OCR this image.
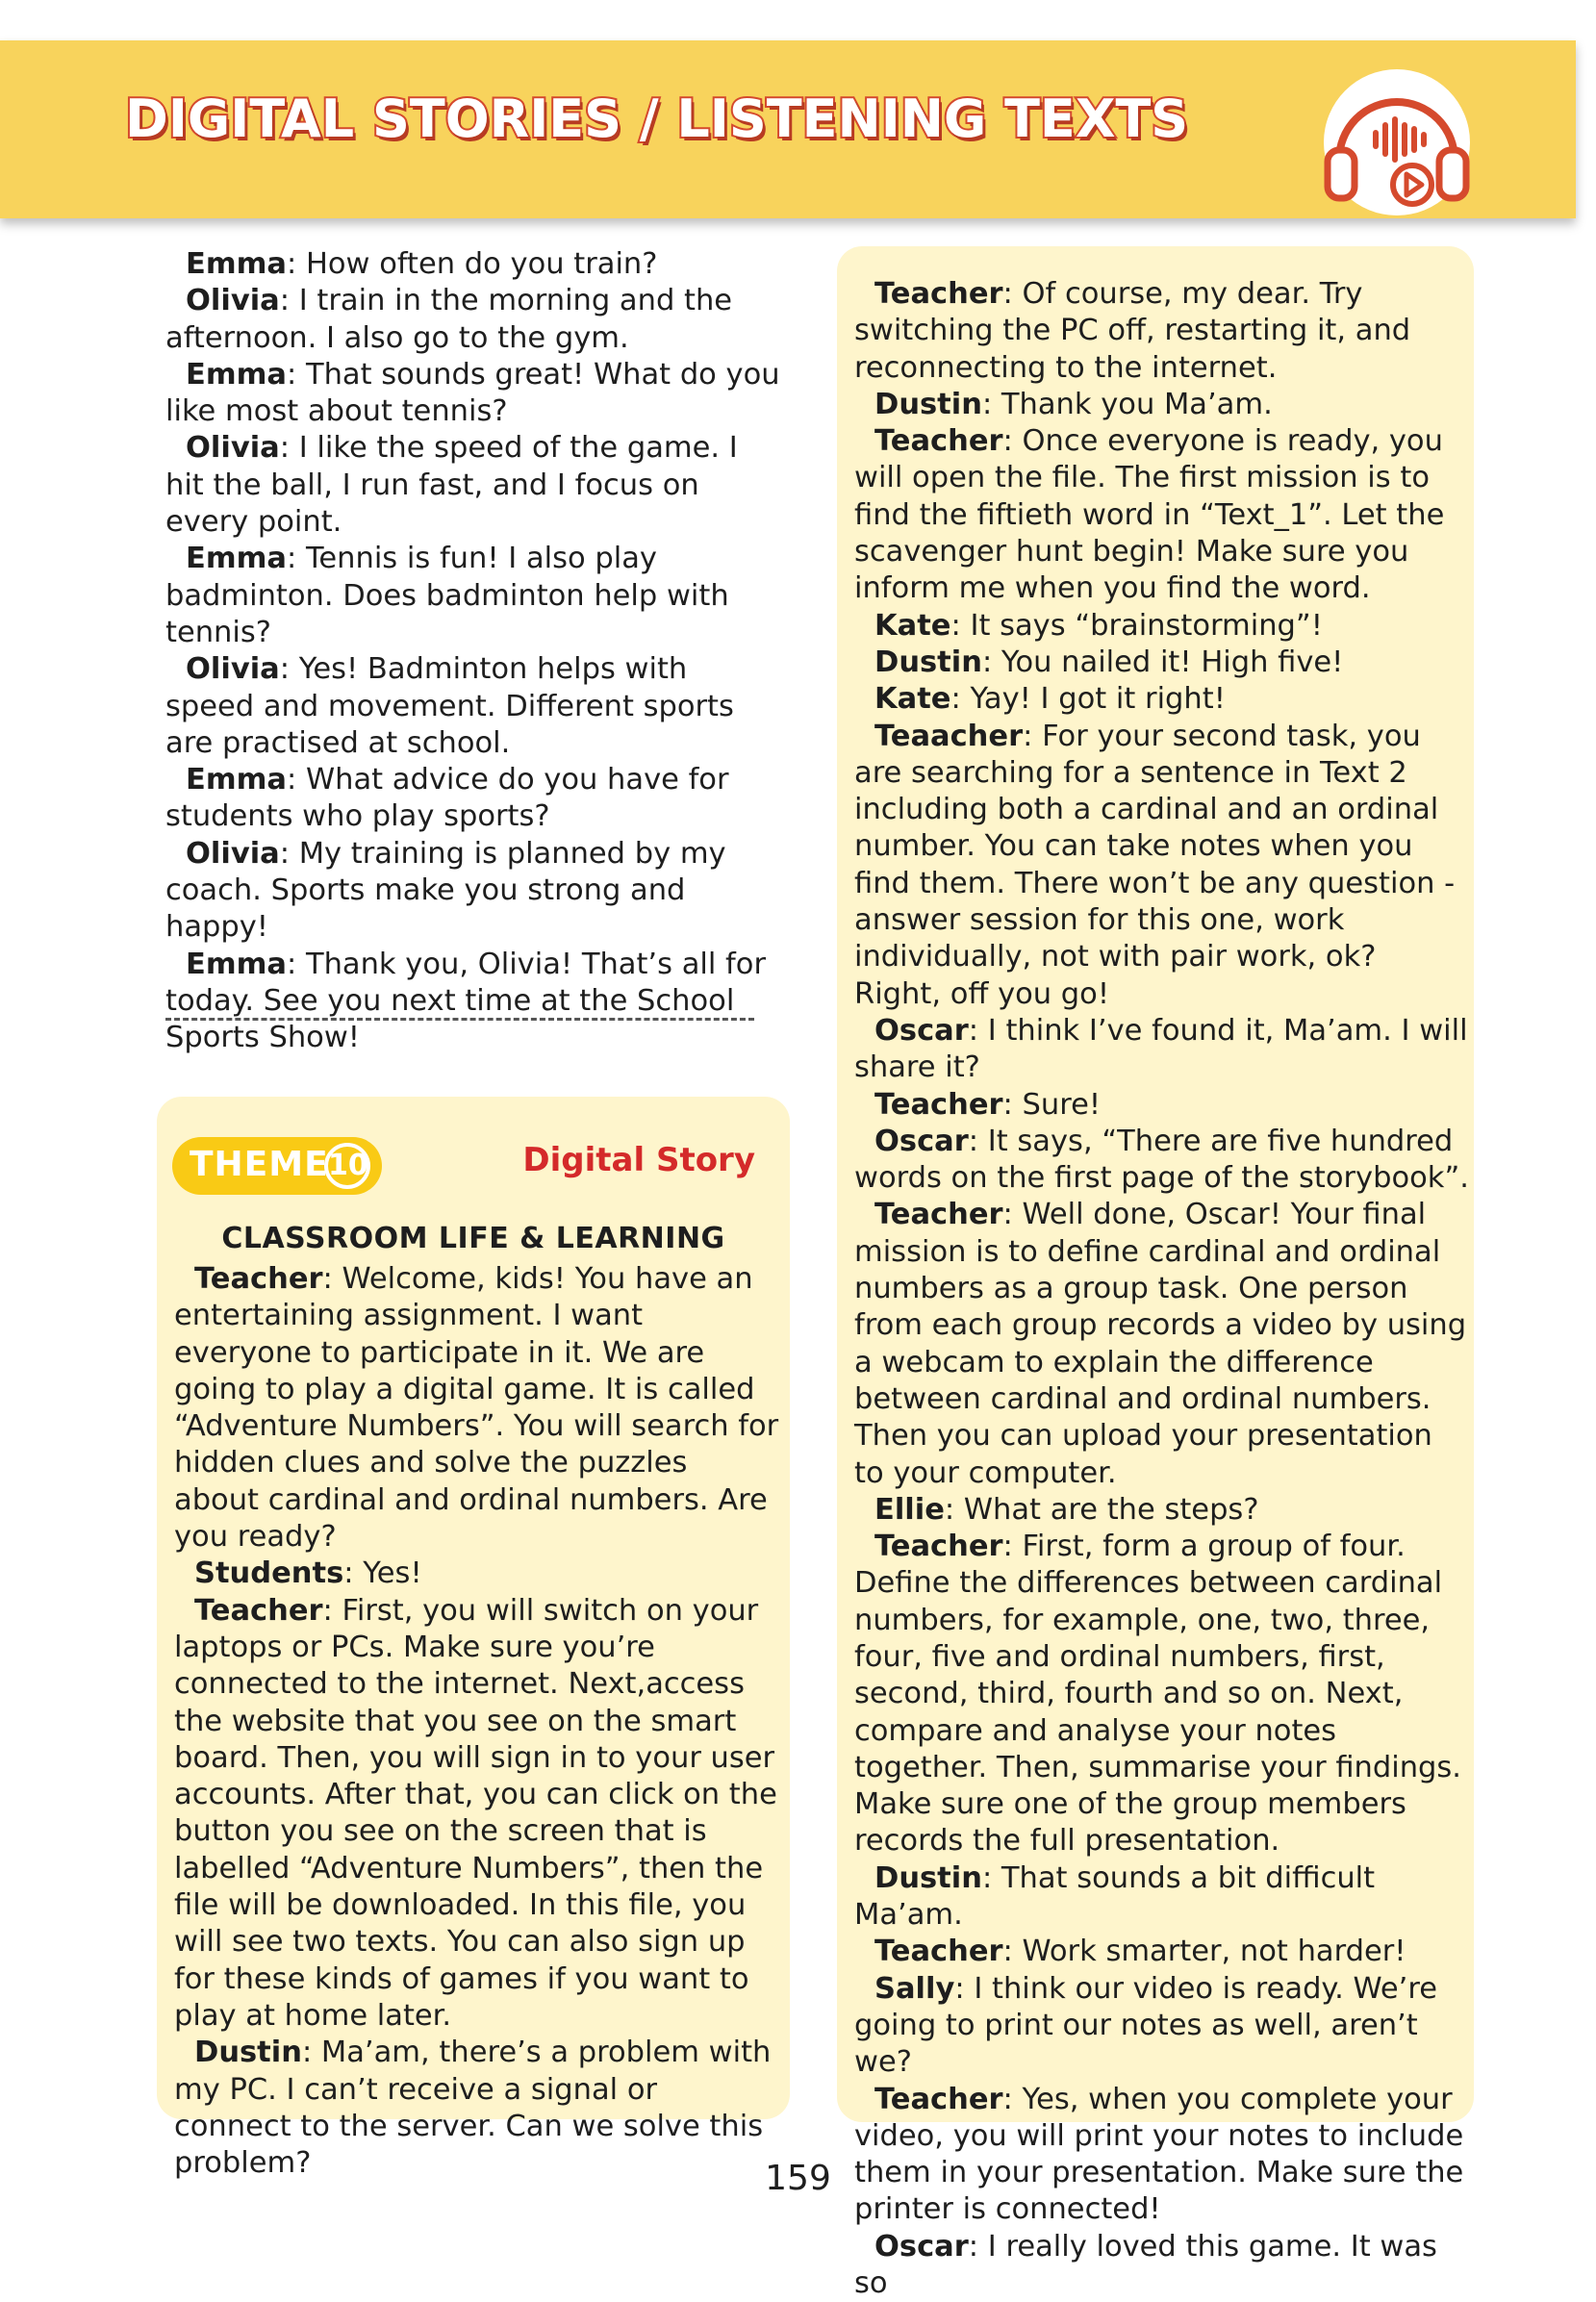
DIGITAL STORIES / LISTENING TEXTS

Emma: How often do you train?

Olivia: I train in the morning and the afternoon. I also go to the gym.

Emma: That sounds great! What do you like most about tennis?

Olivia: I like the speed of the game. I hit the ball, I run fast, and I focus on every point.

Emma: Tennis is fun! I also play badminton. Does badminton help with tennis?

Olivia: Yes! Badminton helps with speed and movement. Different sports are practised at school.

Emma: What advice do you have for students who play sports?

Olivia: My training is planned by my coach. Sports make you strong and happy!

Emma: Thank you, Olivia! That’s all for today. See you next time at the School Sports Show!

THEME 10	Digital Story
CLASSROOM LIFE & LEARNING

Teacher: Welcome, kids! You have an entertaining assignment. I want everyone to participate in it. We are going to play a digital game. It is called “Adventure Numbers”. You will search for hidden clues and solve the puzzles about cardinal and ordinal numbers. Are you ready?

Students: Yes!

Teacher: First, you will switch on your laptops or PCs. Make sure you’re connected to the internet. Next,access the website that you see on the smart board. Then, you will sign in to your user accounts. After that, you can click on the button you see on the screen that is labelled “Adventure Numbers”, then the file will be downloaded. In this file, you will see two texts. You can also sign up for these kinds of games if you want to play at home later.

Dustin: Ma’am, there’s a problem with my PC. I can’t receive a signal or connect to the server. Can we solve this problem?

Teacher: Of course, my dear. Try switching the PC off, restarting it, and reconnecting to the internet.

Dustin: Thank you Ma’am.

Teacher: Once everyone is ready, you will open the file. The first mission is to find the fiftieth word in “Text_1”. Let the scavenger hunt begin! Make sure you inform me when you find the word.

Kate: It says “brainstorming”!

Dustin: You nailed it! High five!

Kate: Yay! I got it right!

Teaacher: For your second task, you are searching for a sentence in Text 2 including both a cardinal and an ordinal number. You can take notes when you find them. There won’t be any question - answer session for this one, work individually, not with pair work, ok? Right, off you go!

Oscar: I think I’ve found it, Ma’am. I will share it?

Teacher: Sure!

Oscar: It says, “There are five hundred words on the first page of the storybook”.

Teacher: Well done, Oscar! Your final mission is to define cardinal and ordinal numbers as a group task. One person from each group records a video by using a webcam to explain the difference between cardinal and ordinal numbers. Then you can upload your presentation to your computer.

Ellie: What are the steps?

Teacher: First, form a group of four. Define the differences between cardinal numbers, for example, one, two, three, four, five and ordinal numbers, first, second, third, fourth and so on. Next, compare and analyse your notes together. Then, summarise your findings. Make sure one of the group members records the full presentation.

Dustin: That sounds a bit difficult Ma’am.

Teacher: Work smarter, not harder!

Sally: I think our video is ready. We’re going to print our notes as well, aren’t we?

Teacher: Yes, when you complete your video, you will print your notes to include them in your presentation. Make sure the printer is connected!

Oscar: I really loved this game. It was so

159
